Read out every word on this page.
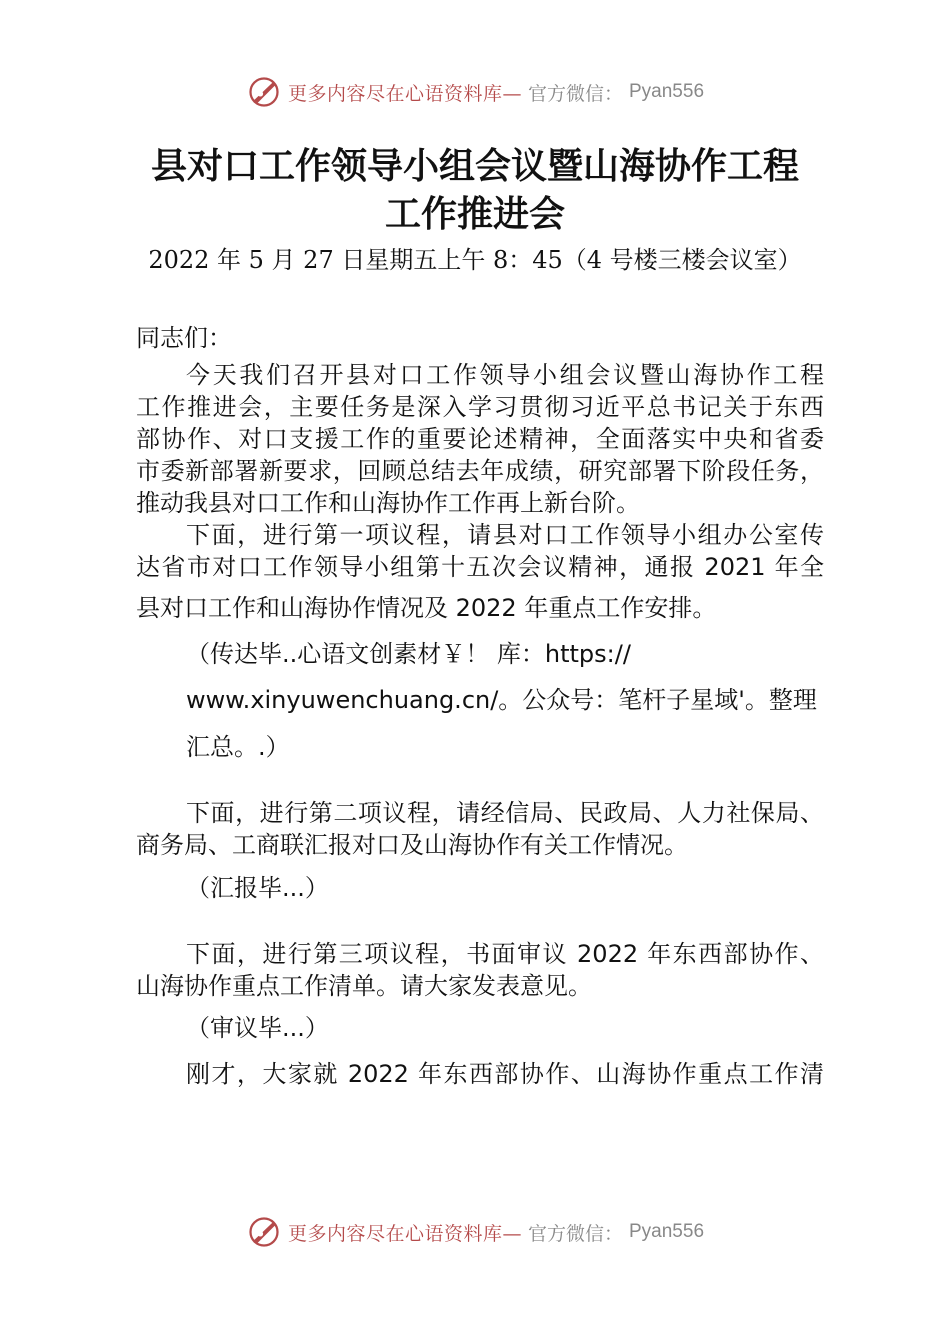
更多内容尽在心语资料库— 官方微信： Pyan556
县对口工作领导小组会议暨山海协作工程
工作推进会
2022 年 5 月 27 日星期五上午 8：45（4 号楼三楼会议室）
同志们：
今天我们召开县对口工作领导小组会议暨山海协作工程
工作推进会，主要任务是深入学习贯彻习近平总书记关于东西
部协作、对口支援工作的重要论述精神，全面落实中央和省委
市委新部署新要求，回顾总结去年成绩，研究部署下阶段任务，
推动我县对口工作和山海协作工作再上新台阶。
下面，进行第一项议程，请县对口工作领导小组办公室传
达省市对口工作领导小组第十五次会议精神，通报 2021 年全
县对口工作和山海协作情况及 2022 年重点工作安排。
（传达毕..心语文创素材￥！ 库：https://
www.xinyuwenchuang.cn/。公众号：笔杆子星域'。整理
汇总。.）
下面，进行第二项议程，请经信局、民政局、人力社保局、
商务局、工商联汇报对口及山海协作有关工作情况。
（汇报毕...）
下面，进行第三项议程，书面审议 2022 年东西部协作、
山海协作重点工作清单。请大家发表意见。
（审议毕...）
刚才，大家就 2022 年东西部协作、山海协作重点工作清
更多内容尽在心语资料库— 官方微信： Pyan556
